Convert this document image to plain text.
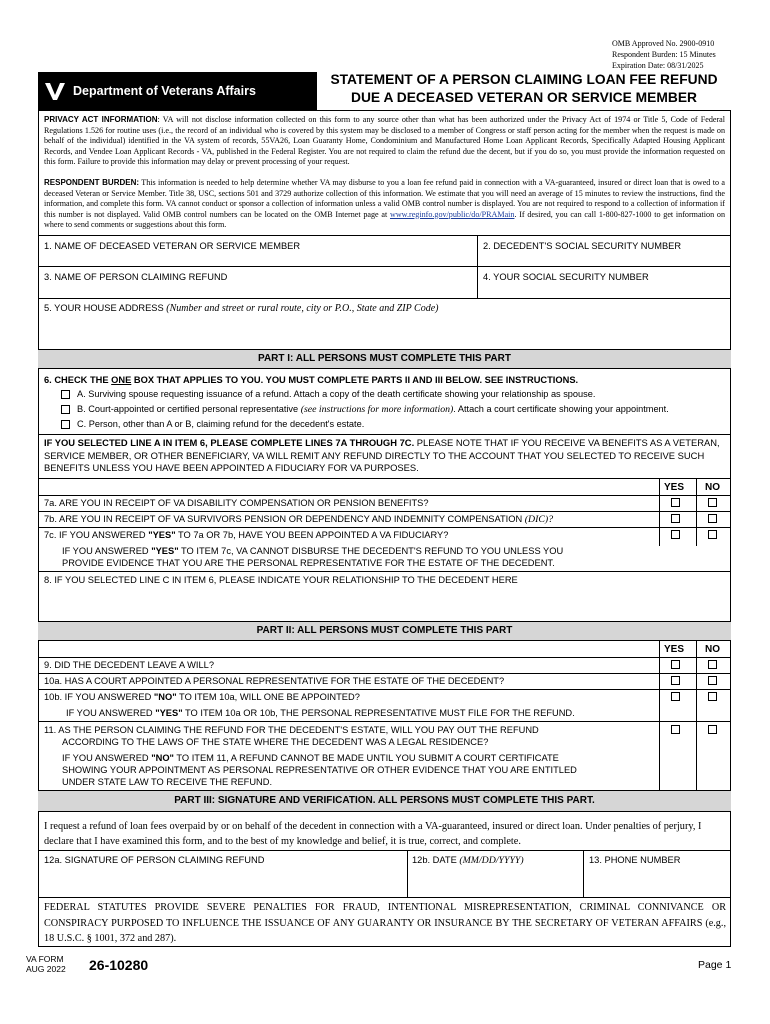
OMB Approved No. 2900-0910
Respondent Burden: 15 Minutes
Expiration Date: 08/31/2025
Department of Veterans Affairs
STATEMENT OF A PERSON CLAIMING LOAN FEE REFUND
DUE A DECEASED VETERAN OR SERVICE MEMBER
PRIVACY ACT INFORMATION: VA will not disclose information collected on this form to any source other than what has been authorized under the Privacy Act of 1974 or Title 5, Code of Federal Regulations 1.526 for routine uses (i.e., the record of an individual who is covered by this system may be disclosed to a member of Congress or staff person acting for the member when the request is made on behalf of the individual) identified in the VA system of records, 55VA26, Loan Guaranty Home, Condominium and Manufactured Home Loan Applicant Records, Specifically Adapted Housing Applicant Records, and Vendee Loan Applicant Records - VA, published in the Federal Register. You are not required to claim the refund due the decent, but if you do so, you must provide the information requested on this form. Failure to provide this information may delay or prevent processing of your request.
RESPONDENT BURDEN: This information is needed to help determine whether VA may disburse to you a loan fee refund paid in connection with a VA-guaranteed, insured or direct loan that is owed to a deceased Veteran or Service Member. Title 38, USC, sections 501 and 3729 authorize collection of this information. We estimate that you will need an average of 15 minutes to review the instructions, find the information, and complete this form. VA cannot conduct or sponsor a collection of information unless a valid OMB control number is displayed. You are not required to respond to a collection of information if this number is not displayed. Valid OMB control numbers can be located on the OMB Internet page at www.reginfo.gov/public/do/PRAMain. If desired, you can call 1-800-827-1000 to get information on where to send comments or suggestions about this form.
1. NAME OF DECEASED VETERAN OR SERVICE MEMBER	2. DECEDENT'S SOCIAL SECURITY NUMBER
3. NAME OF PERSON CLAIMING REFUND	4. YOUR SOCIAL SECURITY NUMBER
5. YOUR HOUSE ADDRESS (Number and street or rural route, city or P.O., State and ZIP Code)
PART I: ALL PERSONS MUST COMPLETE THIS PART
6. CHECK THE ONE BOX THAT APPLIES TO YOU. YOU MUST COMPLETE PARTS II AND III BELOW. SEE INSTRUCTIONS.
A. Surviving spouse requesting issuance of a refund. Attach a copy of the death certificate showing your relationship as spouse.
B. Court-appointed or certified personal representative (see instructions for more information). Attach a court certificate showing your appointment.
C. Person, other than A or B, claiming refund for the decedent's estate.
IF YOU SELECTED LINE A IN ITEM 6, PLEASE COMPLETE LINES 7A THROUGH 7C. PLEASE NOTE THAT IF YOU RECEIVE VA BENEFITS AS A VETERAN, SERVICE MEMBER, OR OTHER BENEFICIARY, VA WILL REMIT ANY REFUND DIRECTLY TO THE ACCOUNT THAT YOU SELECTED TO RECEIVE SUCH BENEFITS UNLESS YOU HAVE BEEN APPOINTED A FIDUCIARY FOR VA PURPOSES.
YES NO
7a. ARE YOU IN RECEIPT OF VA DISABILITY COMPENSATION OR PENSION BENEFITS?
7b. ARE YOU IN RECEIPT OF VA SURVIVORS PENSION OR DEPENDENCY AND INDEMNITY COMPENSATION (DIC)?
7c. IF YOU ANSWERED "YES" TO 7a OR 7b, HAVE YOU BEEN APPOINTED A VA FIDUCIARY?
IF YOU ANSWERED "YES" TO ITEM 7c, VA CANNOT DISBURSE THE DECEDENT'S REFUND TO YOU UNLESS YOU
PROVIDE EVIDENCE THAT YOU ARE THE PERSONAL REPRESENTATIVE FOR THE ESTATE OF THE DECEDENT.
8. IF YOU SELECTED LINE C IN ITEM 6, PLEASE INDICATE YOUR RELATIONSHIP TO THE DECEDENT HERE
PART II: ALL PERSONS MUST COMPLETE THIS PART
YES NO
9. DID THE DECEDENT LEAVE A WILL?
10a. HAS A COURT APPOINTED A PERSONAL REPRESENTATIVE FOR THE ESTATE OF THE DECEDENT?
10b. IF YOU ANSWERED "NO" TO ITEM 10a, WILL ONE BE APPOINTED?
IF YOU ANSWERED "YES" TO ITEM 10a OR 10b, THE PERSONAL REPRESENTATIVE MUST FILE FOR THE REFUND.
11. AS THE PERSON CLAIMING THE REFUND FOR THE DECEDENT'S ESTATE, WILL YOU PAY OUT THE REFUND
ACCORDING TO THE LAWS OF THE STATE WHERE THE DECEDENT WAS A LEGAL RESIDENCE?
IF YOU ANSWERED "NO" TO ITEM 11, A REFUND CANNOT BE MADE UNTIL YOU SUBMIT A COURT CERTIFICATE
SHOWING YOUR APPOINTMENT AS PERSONAL REPRESENTATIVE OR OTHER EVIDENCE THAT YOU ARE ENTITLED
UNDER STATE LAW TO RECEIVE THE REFUND.
PART III: SIGNATURE AND VERIFICATION. ALL PERSONS MUST COMPLETE THIS PART.
I request a refund of loan fees overpaid by or on behalf of the decedent in connection with a VA-guaranteed, insured or direct loan. Under penalties of perjury, I declare that I have examined this form, and to the best of my knowledge and belief, it is true, correct, and complete.
12a. SIGNATURE OF PERSON CLAIMING REFUND	12b. DATE (MM/DD/YYYY)	13. PHONE NUMBER
FEDERAL STATUTES PROVIDE SEVERE PENALTIES FOR FRAUD, INTENTIONAL MISREPRESENTATION, CRIMINAL CONNIVANCE OR CONSPIRACY PURPOSED TO INFLUENCE THE ISSUANCE OF ANY GUARANTY OR INSURANCE BY THE SECRETARY OF VETERAN AFFAIRS (e.g., 18 U.S.C. § 1001, 372 and 287).
VA FORM
AUG 2022 26-10280	Page 1
